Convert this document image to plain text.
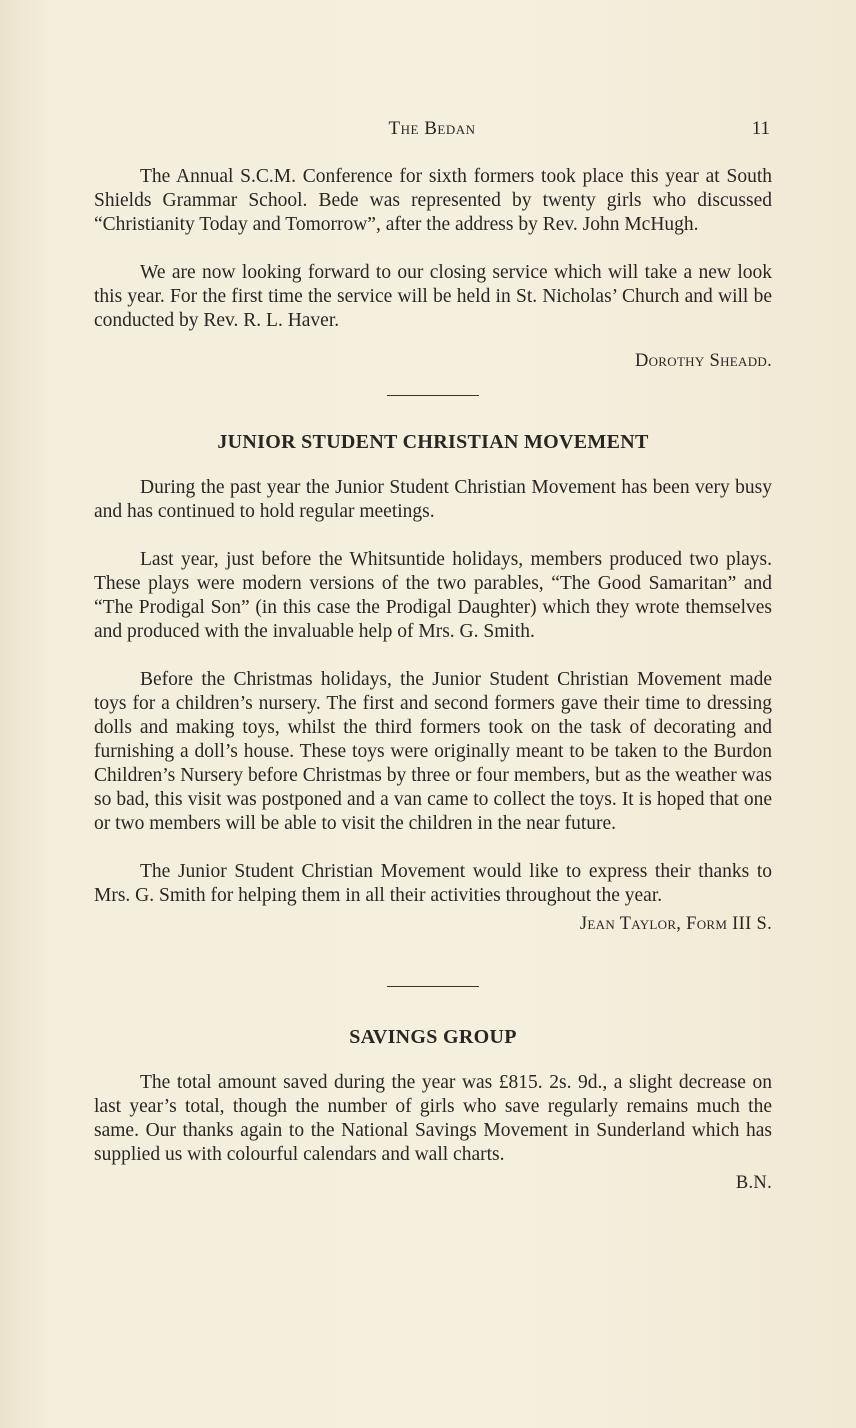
The Bedan	11

The Annual S.C.M. Conference for sixth formers took place this year at South Shields Grammar School. Bede was represented by twenty girls who discussed “Christianity Today and Tomorrow”, after the address by Rev. John McHugh.

We are now looking forward to our closing service which will take a new look this year. For the first time the service will be held in St. Nicholas’ Church and will be conducted by Rev. R. L. Haver.

Dorothy Sheadd.
JUNIOR STUDENT CHRISTIAN MOVEMENT

During the past year the Junior Student Christian Movement has been very busy and has continued to hold regular meetings.

Last year, just before the Whitsuntide holidays, members produced two plays. These plays were modern versions of the two parables, “The Good Samaritan” and “The Prodigal Son” (in this case the Prodigal Daughter) which they wrote themselves and produced with the invaluable help of Mrs. G. Smith.

Before the Christmas holidays, the Junior Student Christian Movement made toys for a children’s nursery. The first and second formers gave their time to dressing dolls and making toys, whilst the third formers took on the task of decorating and furnishing a doll’s house. These toys were originally meant to be taken to the Burdon Children’s Nursery before Christmas by three or four members, but as the weather was so bad, this visit was postponed and a van came to collect the toys. It is hoped that one or two members will be able to visit the children in the near future.

The Junior Student Christian Movement would like to express their thanks to Mrs. G. Smith for helping them in all their activities throughout the year.

Jean Taylor, Form III S.
SAVINGS GROUP

The total amount saved during the year was £815. 2s. 9d., a slight decrease on last year’s total, though the number of girls who save regularly remains much the same. Our thanks again to the National Savings Movement in Sunderland which has supplied us with colourful calendars and wall charts.

B.N.
